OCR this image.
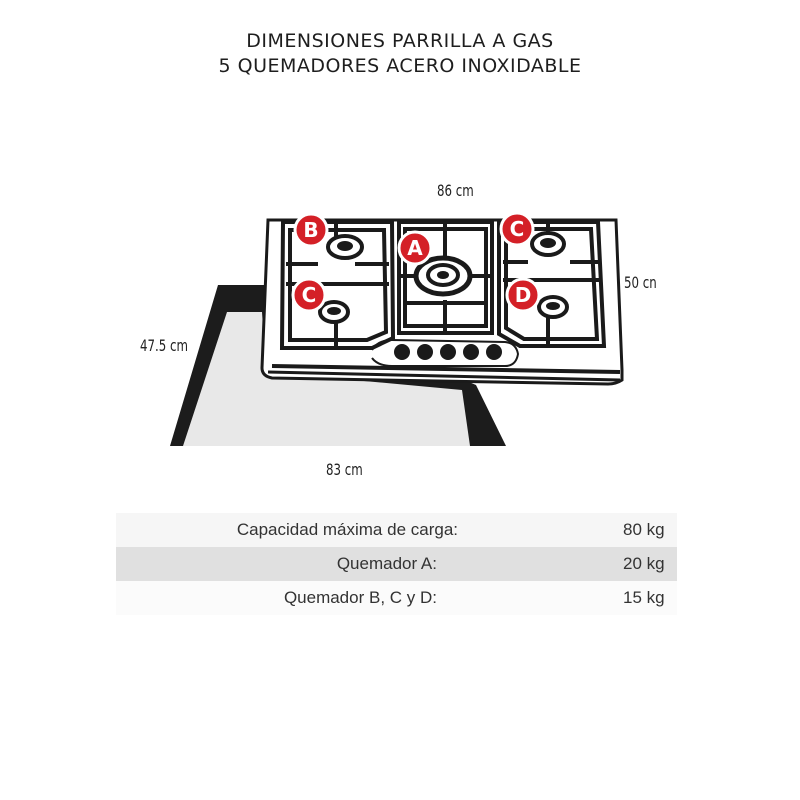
DIMENSIONES PARRILLA A GAS
5 QUEMADORES ACERO INOXIDABLE
86 cm
50 cn
47.5 cm
83 cm
B
A
C
C	D
Capacidad máxima de carga:	80 kg
Quemador A:	20 kg
Quemador B, C y D:	15 kg
